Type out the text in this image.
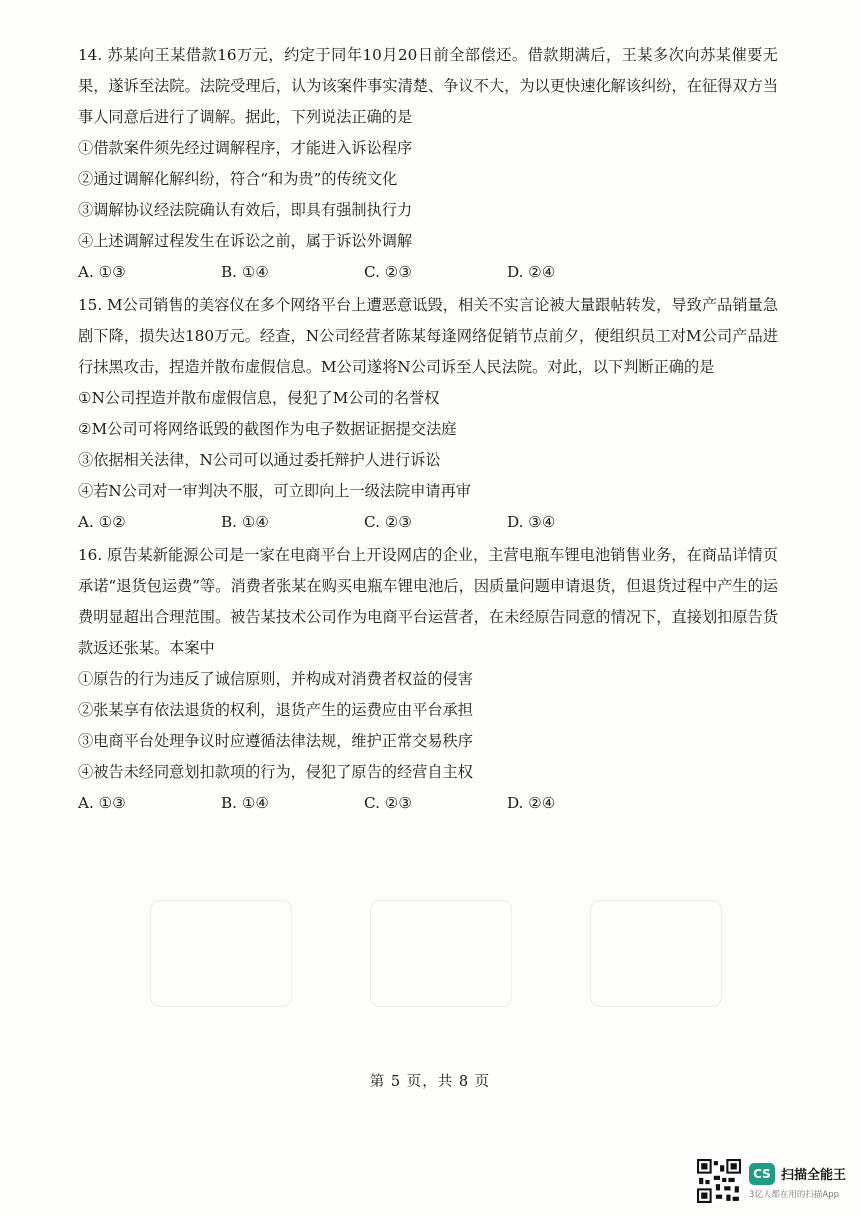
14. 苏某向王某借款16万元，约定于同年10月20日前全部偿还。借款期满后，王某多次向苏某催要无果，遂诉至法院。法院受理后，认为该案件事实清楚、争议不大，为以更快速化解该纠纷，在征得双方当事人同意后进行了调解。据此，下列说法正确的是

①借款案件须先经过调解程序，才能进入诉讼程序

②通过调解化解纠纷，符合“和为贵”的传统文化

③调解协议经法院确认有效后，即具有强制执行力

④上述调解过程发生在诉讼之前，属于诉讼外调解

A. ①③	B. ①④	C. ②③	D. ②④

15. M公司销售的美容仪在多个网络平台上遭恶意诋毁，相关不实言论被大量跟帖转发，导致产品销量急剧下降，损失达180万元。经查，N公司经营者陈某每逢网络促销节点前夕，便组织员工对M公司产品进行抹黑攻击，捏造并散布虚假信息。M公司遂将N公司诉至人民法院。对此，以下判断正确的是

①N公司捏造并散布虚假信息，侵犯了M公司的名誉权

②M公司可将网络诋毁的截图作为电子数据证据提交法庭

③依据相关法律，N公司可以通过委托辩护人进行诉讼

④若N公司对一审判决不服，可立即向上一级法院申请再审

A. ①②	B. ①④	C. ②③	D. ③④

16. 原告某新能源公司是一家在电商平台上开设网店的企业，主营电瓶车锂电池销售业务，在商品详情页承诺“退货包运费”等。消费者张某在购买电瓶车锂电池后，因质量问题申请退货，但退货过程中产生的运费明显超出合理范围。被告某技术公司作为电商平台运营者，在未经原告同意的情况下，直接划扣原告货款返还张某。本案中

①原告的行为违反了诚信原则，并构成对消费者权益的侵害

②张某享有依法退货的权利，退货产生的运费应由平台承担

③电商平台处理争议时应遵循法律法规，维护正常交易秩序

④被告未经同意划扣款项的行为，侵犯了原告的经营自主权

A. ①③	B. ①④	C. ②③	D. ②④
第 5 页，共 8 页
CS 扫描全能王
3亿人都在用的扫描App
